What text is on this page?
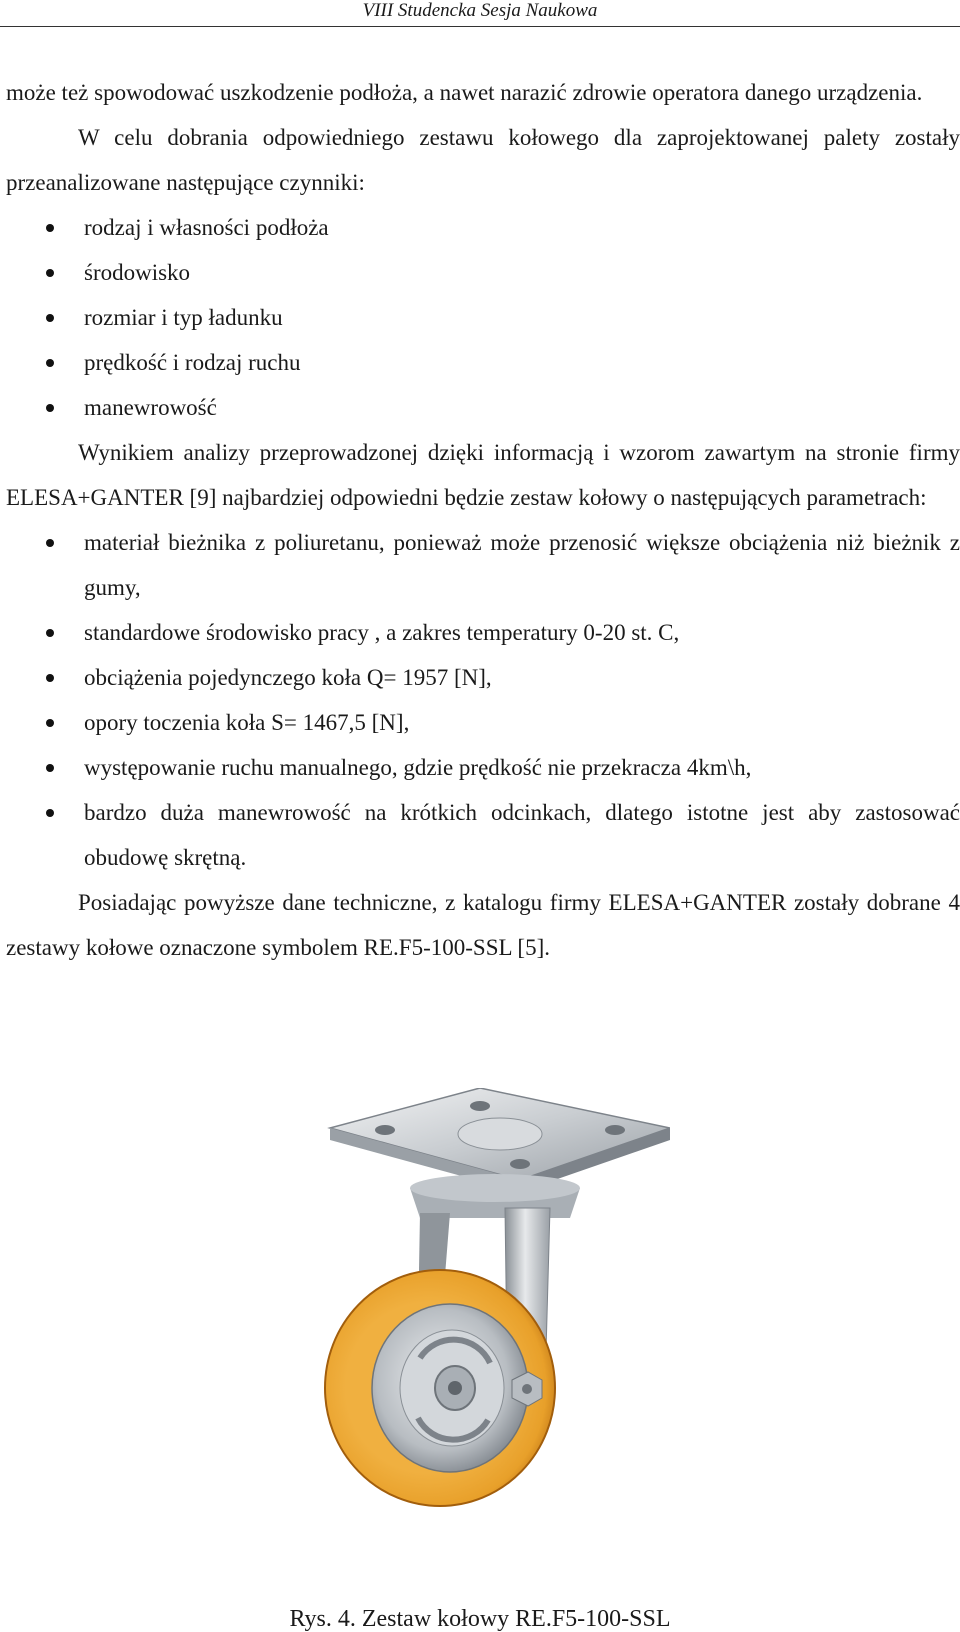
VIII Studencka Sesja Naukowa

może też spowodować uszkodzenie podłoża, a nawet narazić zdrowie operatora danego urządzenia.

W celu dobrania odpowiedniego zestawu kołowego dla zaprojektowanej palety zostały przeanalizowane następujące czynniki:

rodzaj i własności podłoża
środowisko
rozmiar i typ ładunku
prędkość i rodzaj ruchu
manewrowość

Wynikiem analizy przeprowadzonej dzięki informacją i wzorom zawartym na stronie firmy ELESA+GANTER [9] najbardziej odpowiedni będzie zestaw kołowy o następujących parametrach:

materiał bieżnika z poliuretanu, ponieważ może przenosić większe obciążenia niż bieżnik z gumy,
standardowe środowisko pracy , a zakres temperatury 0-20 st. C,
obciążenia pojedynczego koła Q= 1957 [N],
opory toczenia koła S= 1467,5 [N],
występowanie ruchu manualnego, gdzie prędkość nie przekracza 4km\h,
bardzo duża manewrowość na krótkich odcinkach, dlatego istotne jest aby zastosować obudowę skrętną.

Posiadając powyższe dane techniczne, z katalogu firmy ELESA+GANTER zostały dobrane 4 zestawy kołowe oznaczone symbolem RE.F5-100-SSL [5].

Rys. 4. Zestaw kołowy RE.F5-100-SSL
